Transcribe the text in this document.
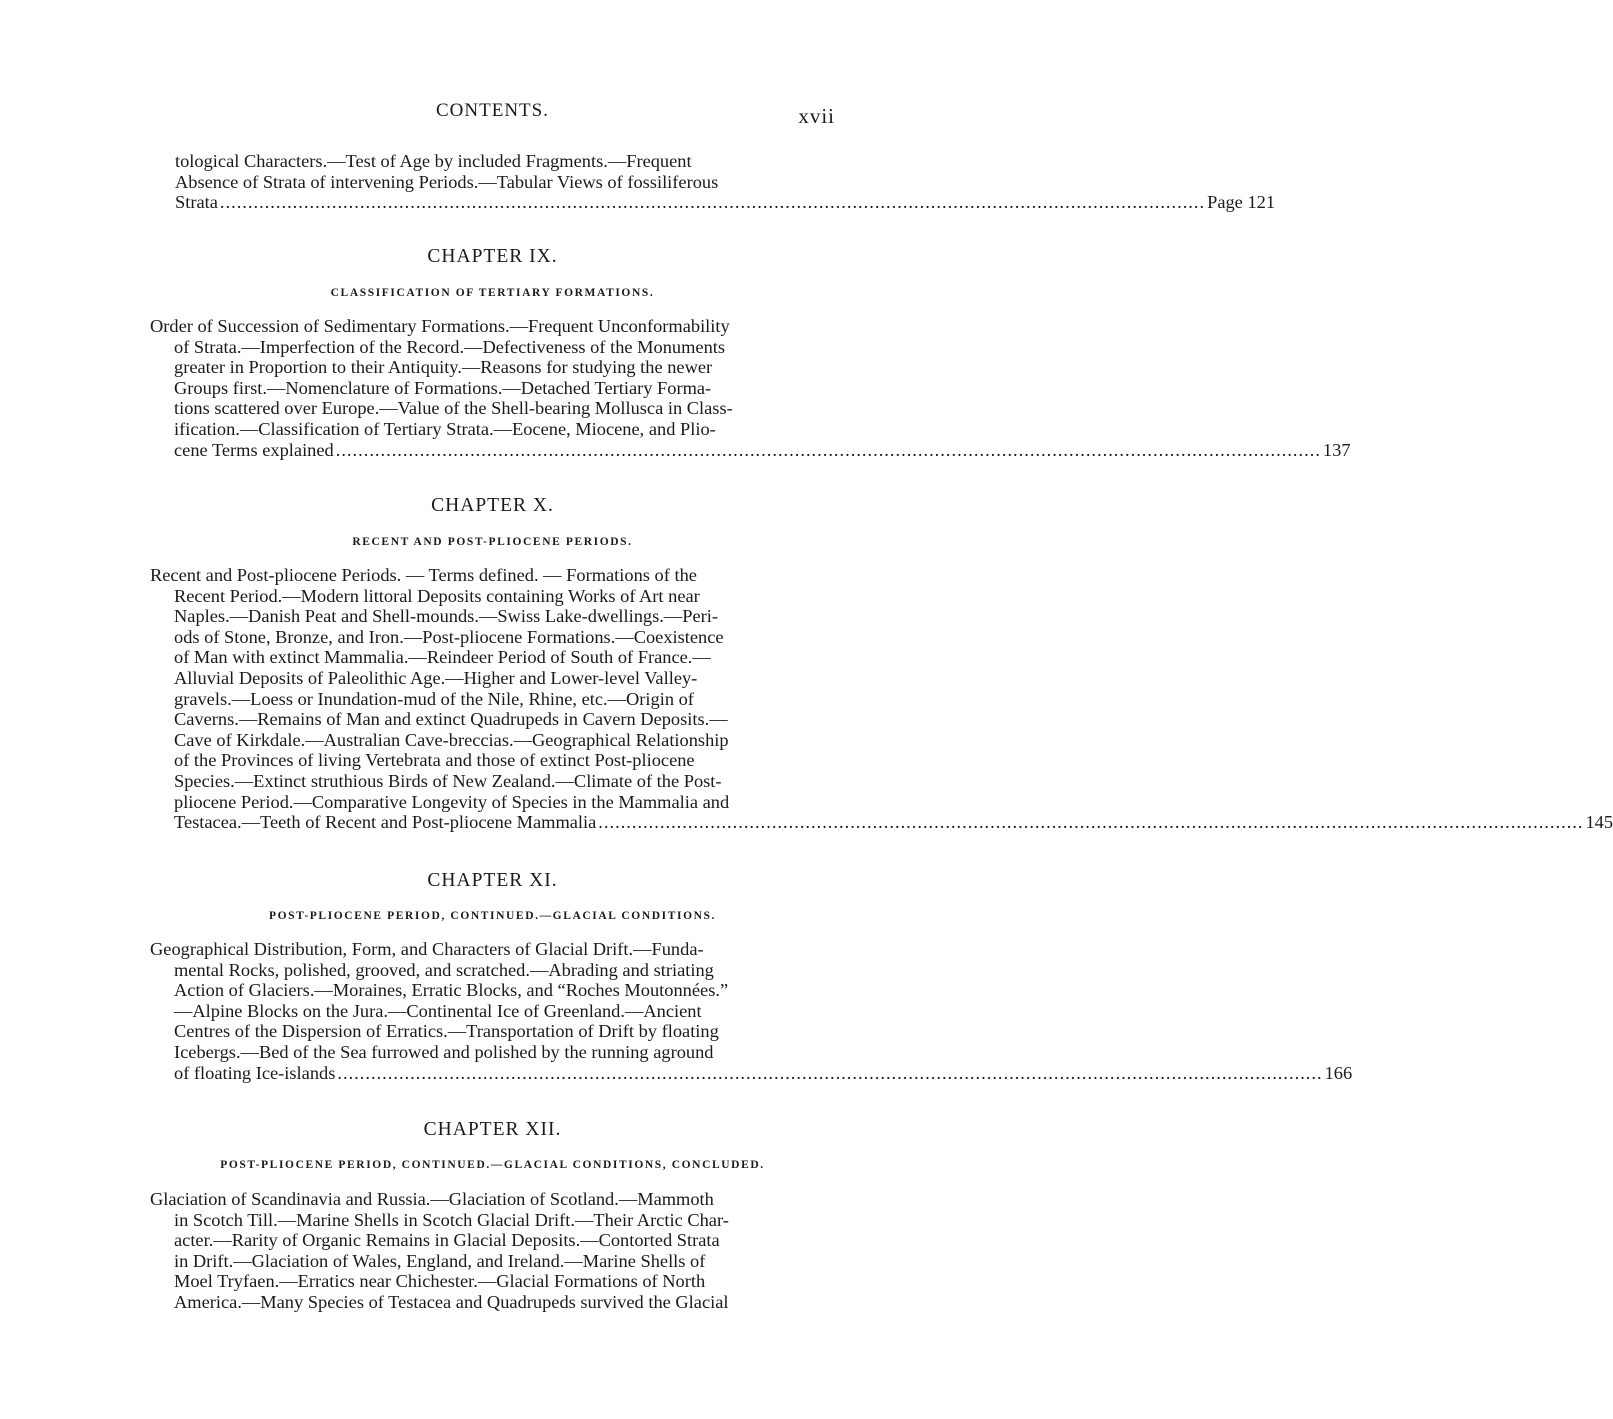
CONTENTS.	xvii
tological Characters.—Test of Age by included Fragments.—Frequent
Absence of Strata of intervening Periods.—Tabular Views of fossiliferous
Strata ................................................................................................................................................................................ Page 121
CHAPTER IX.
CLASSIFICATION OF TERTIARY FORMATIONS.
Order of Succession of Sedimentary Formations.—Frequent Unconformability
of Strata.—Imperfection of the Record.—Defectiveness of the Monuments
greater in Proportion to their Antiquity.—Reasons for studying the newer
Groups first.—Nomenclature of Formations.—Detached Tertiary Forma-
tions scattered over Europe.—Value of the Shell-bearing Mollusca in Class-
ification.—Classification of Tertiary Strata.—Eocene, Miocene, and Plio-
cene Terms explained ................................................................................................................................................................................ 137
CHAPTER X.
RECENT AND POST-PLIOCENE PERIODS.
Recent and Post-pliocene Periods. — Terms defined. — Formations of the
Recent Period.—Modern littoral Deposits containing Works of Art near
Naples.—Danish Peat and Shell-mounds.—Swiss Lake-dwellings.—Peri-
ods of Stone, Bronze, and Iron.—Post-pliocene Formations.—Coexistence
of Man with extinct Mammalia.—Reindeer Period of South of France.—
Alluvial Deposits of Paleolithic Age.—Higher and Lower-level Valley-
gravels.—Loess or Inundation-mud of the Nile, Rhine, etc.—Origin of
Caverns.—Remains of Man and extinct Quadrupeds in Cavern Deposits.—
Cave of Kirkdale.—Australian Cave-breccias.—Geographical Relationship
of the Provinces of living Vertebrata and those of extinct Post-pliocene
Species.—Extinct struthious Birds of New Zealand.—Climate of the Post-
pliocene Period.—Comparative Longevity of Species in the Mammalia and
Testacea.—Teeth of Recent and Post-pliocene Mammalia ................................................................................................................................................................................ 145
CHAPTER XI.
POST-PLIOCENE PERIOD, CONTINUED.—GLACIAL CONDITIONS.
Geographical Distribution, Form, and Characters of Glacial Drift.—Funda-
mental Rocks, polished, grooved, and scratched.—Abrading and striating
Action of Glaciers.—Moraines, Erratic Blocks, and “Roches Moutonnées.”
—Alpine Blocks on the Jura.—Continental Ice of Greenland.—Ancient
Centres of the Dispersion of Erratics.—Transportation of Drift by floating
Icebergs.—Bed of the Sea furrowed and polished by the running aground
of floating Ice-islands ................................................................................................................................................................................ 166
CHAPTER XII.
POST-PLIOCENE PERIOD, CONTINUED.—GLACIAL CONDITIONS, CONCLUDED.
Glaciation of Scandinavia and Russia.—Glaciation of Scotland.—Mammoth
in Scotch Till.—Marine Shells in Scotch Glacial Drift.—Their Arctic Char-
acter.—Rarity of Organic Remains in Glacial Deposits.—Contorted Strata
in Drift.—Glaciation of Wales, England, and Ireland.—Marine Shells of
Moel Tryfaen.—Erratics near Chichester.—Glacial Formations of North
America.—Many Species of Testacea and Quadrupeds survived the Glacial
